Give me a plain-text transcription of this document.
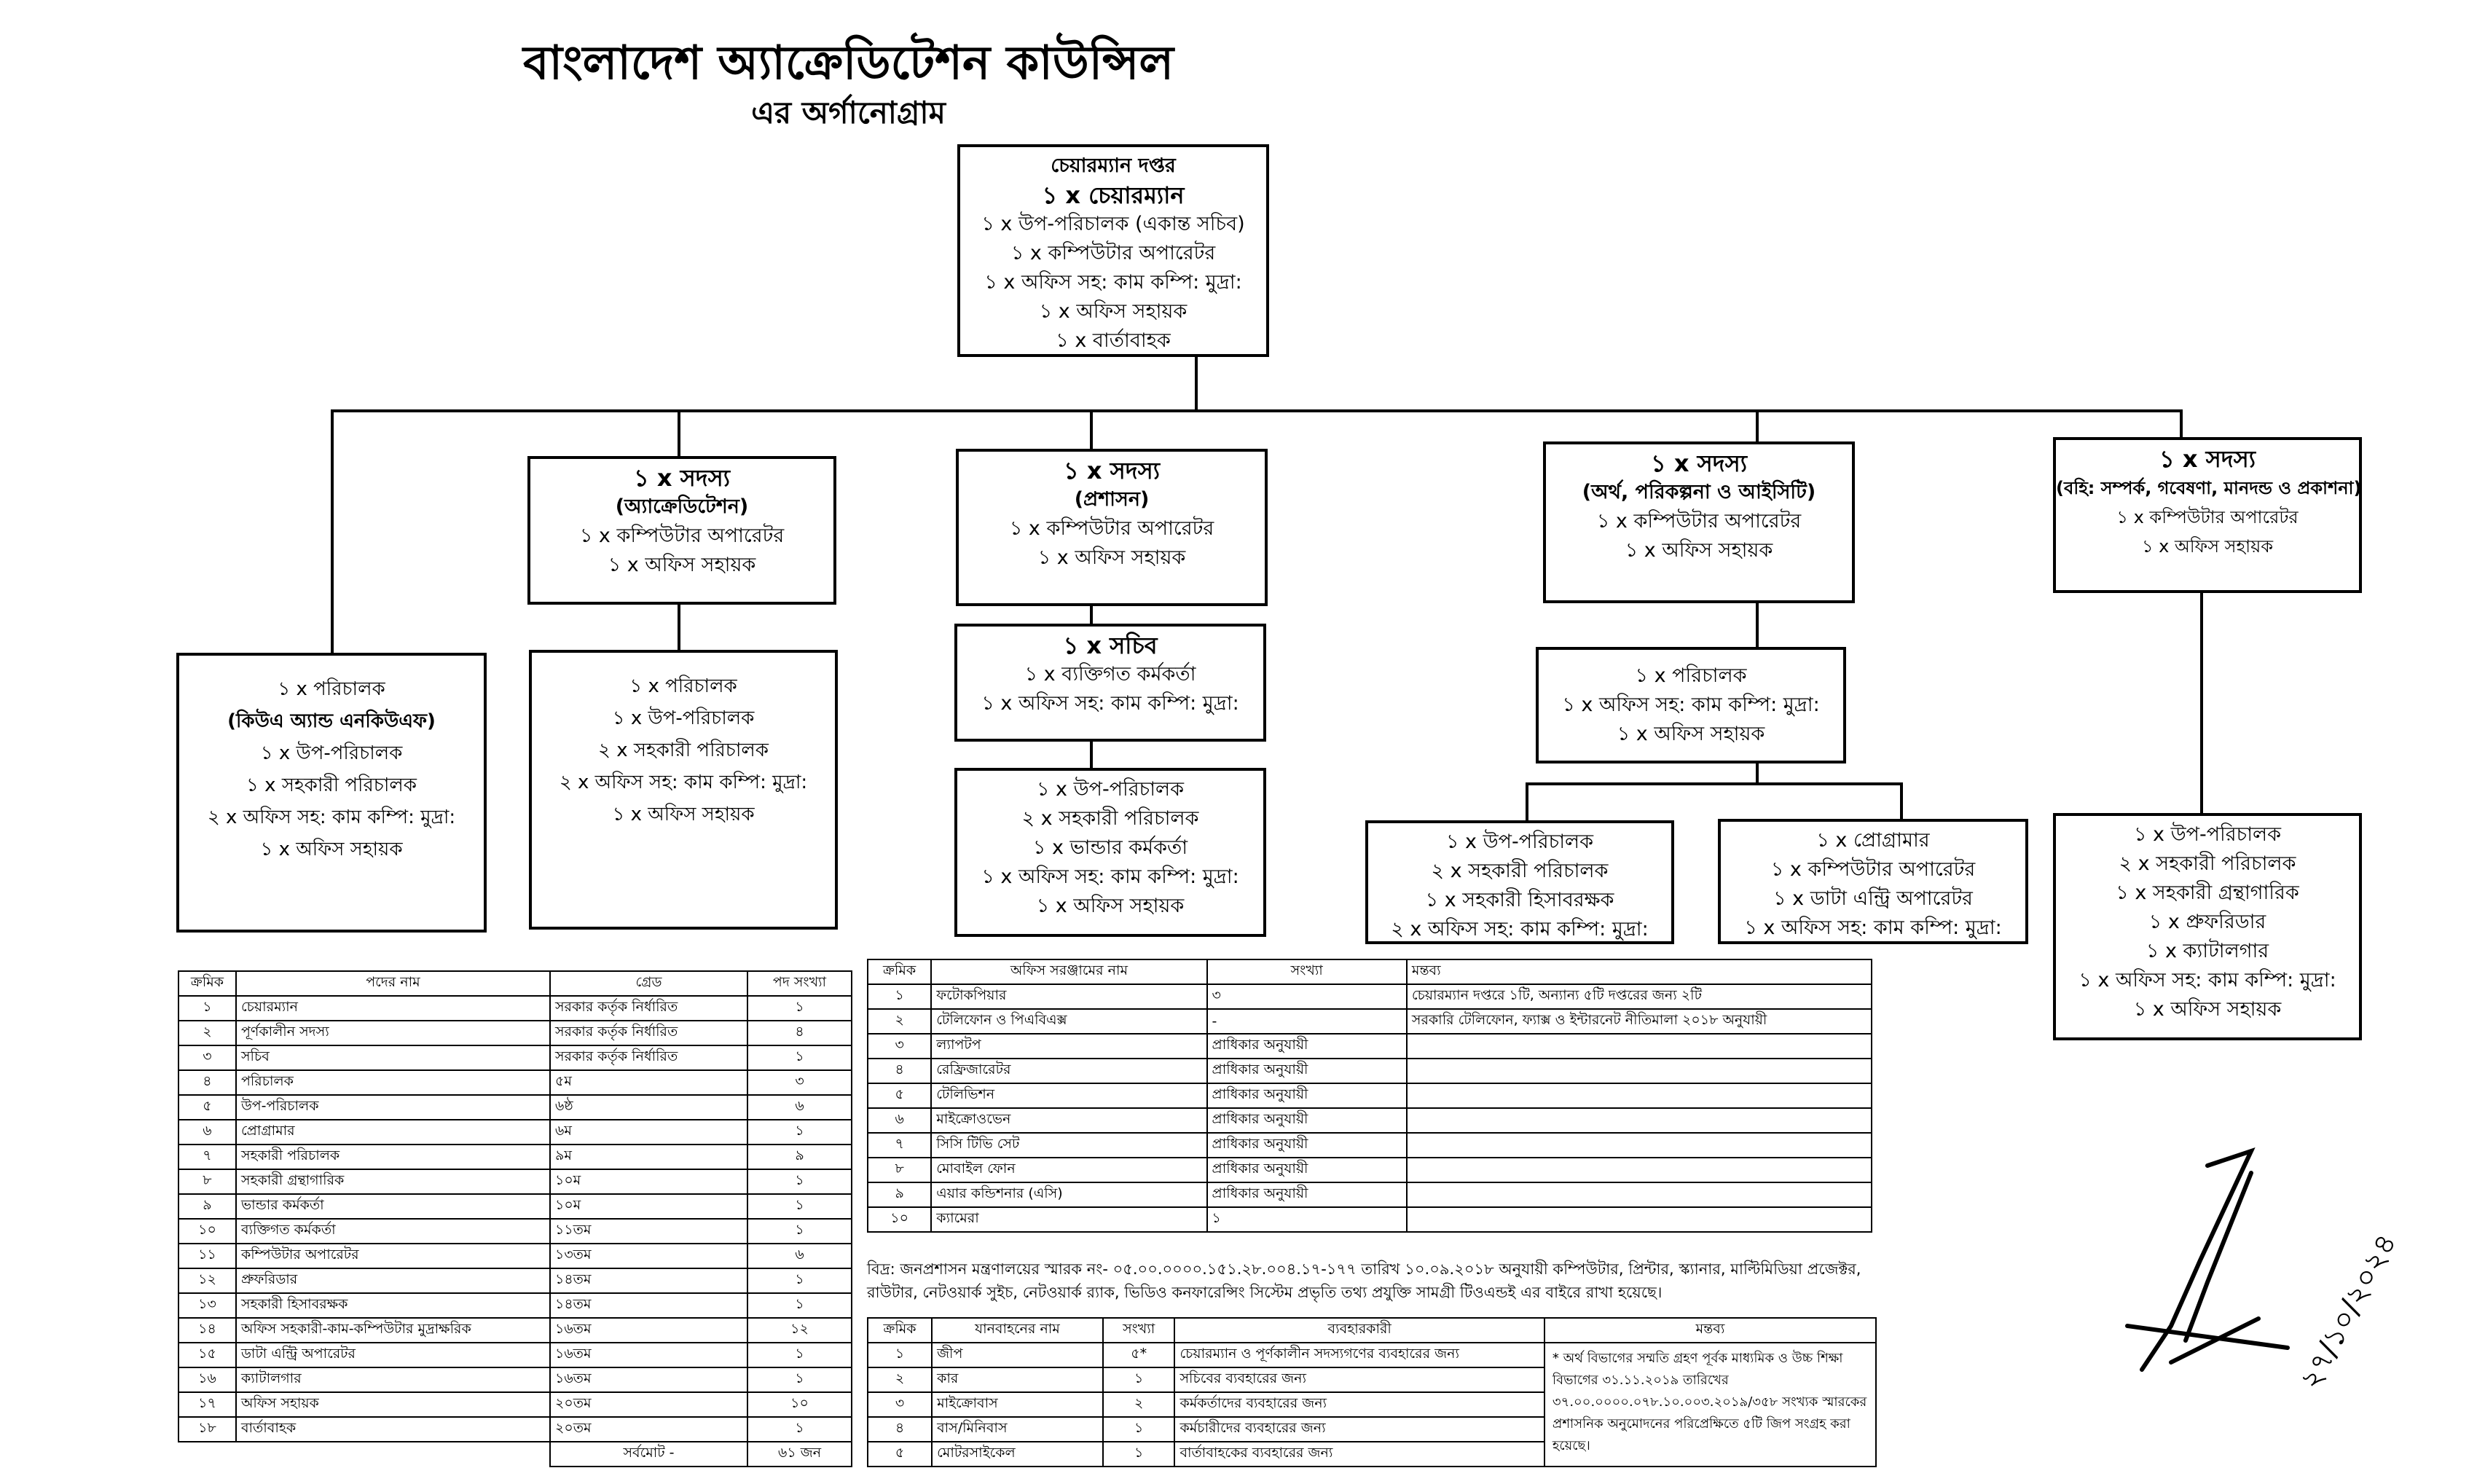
বাংলাদেশ অ্যাক্রেডিটেশন কাউন্সিল
এর অর্গানোগ্রাম
চেয়ারম্যান দপ্তর
১ x চেয়ারম্যান
১ x উপ-পরিচালক (একান্ত সচিব)
১ x কম্পিউটার অপারেটর
১ x অফিস সহ: কাম কম্পি: মুদ্রা:
১ x অফিস সহায়ক
১ x বার্তাবাহক
১ x সদস্য
(অ্যাক্রেডিটেশন)
১ x কম্পিউটার অপারেটর
১ x অফিস সহায়ক
১ x সদস্য
(প্রশাসন)
১ x কম্পিউটার অপারেটর
১ x অফিস সহায়ক
১ x সদস্য
(অর্থ, পরিকল্পনা ও আইসিটি)
১ x কম্পিউটার অপারেটর
১ x অফিস সহায়ক
১ x সদস্য
(বহি: সম্পর্ক, গবেষণা, মানদন্ড ও প্রকাশনা)
১ x কম্পিউটার অপারেটর
১ x অফিস সহায়ক
১ x পরিচালক
(কিউএ অ্যান্ড এনকিউএফ)
১ x উপ-পরিচালক
১ x সহকারী পরিচালক
২ x অফিস সহ: কাম কম্পি: মুদ্রা:
১ x অফিস সহায়ক
১ x পরিচালক
১ x উপ-পরিচালক
২ x সহকারী পরিচালক
২ x অফিস সহ: কাম কম্পি: মুদ্রা:
১ x অফিস সহায়ক
১ x সচিব
১ x ব্যক্তিগত কর্মকর্তা
১ x অফিস সহ: কাম কম্পি: মুদ্রা:
১ x উপ-পরিচালক
২ x সহকারী পরিচালক
১ x ভান্ডার কর্মকর্তা
১ x অফিস সহ: কাম কম্পি: মুদ্রা:
১ x অফিস সহায়ক
১ x পরিচালক
১ x অফিস সহ: কাম কম্পি: মুদ্রা:
১ x অফিস সহায়ক
১ x উপ-পরিচালক
২ x সহকারী পরিচালক
১ x সহকারী হিসাবরক্ষক
২ x অফিস সহ: কাম কম্পি: মুদ্রা:
১ x প্রোগ্রামার
১ x কম্পিউটার অপারেটর
১ x ডাটা এন্ট্রি অপারেটর
১ x অফিস সহ: কাম কম্পি: মুদ্রা:
১ x উপ-পরিচালক
২ x সহকারী পরিচালক
১ x সহকারী গ্রন্থাগারিক
১ x প্রুফরিডার
১ x ক্যাটালগার
১ x অফিস সহ: কাম কম্পি: মুদ্রা:
১ x অফিস সহায়ক
ক্রমিক	পদের নাম	গ্রেড	পদ সংখ্যা
১	চেয়ারম্যান	সরকার কর্তৃক নির্ধারিত	১
২	পূর্ণকালীন সদস্য	সরকার কর্তৃক নির্ধারিত	৪
৩	সচিব	সরকার কর্তৃক নির্ধারিত	১
৪	পরিচালক	৫ম	৩
৫	উপ-পরিচালক	৬ষ্ঠ	৬
৬	প্রোগ্রামার	৬ম	১
৭	সহকারী পরিচালক	৯ম	৯
৮	সহকারী গ্রন্থাগারিক	১০ম	১
৯	ভান্ডার কর্মকর্তা	১০ম	১
১০	ব্যক্তিগত কর্মকর্তা	১১তম	১
১১	কম্পিউটার অপারেটর	১৩তম	৬
১২	প্রুফরিডার	১৪তম	১
১৩	সহকারী হিসাবরক্ষক	১৪তম	১
১৪	অফিস সহকারী-কাম-কম্পিউটার মুদ্রাক্ষরিক	১৬তম	১২
১৫	ডাটা এন্ট্রি অপারেটর	১৬তম	১
১৬	ক্যাটালগার	১৬তম	১
১৭	অফিস সহায়ক	২০তম	১০
১৮	বার্তাবাহক	২০তম	১
		সর্বমোট -	৬১ জন
ক্রমিক	অফিস সরঞ্জামের নাম	সংখ্যা	মন্তব্য
১	ফটোকপিয়ার	৩	চেয়ারম্যান দপ্তরে ১টি, অন্যান্য ৫টি দপ্তরের জন্য ২টি
২	টেলিফোন ও পিএবিএক্স	-	সরকারি টেলিফোন, ফ্যাক্স ও ইন্টারনেট নীতিমালা ২০১৮ অনুযায়ী
৩	ল্যাপটপ	প্রাধিকার অনুযায়ী	
৪	রেফ্রিজারেটর	প্রাধিকার অনুযায়ী	
৫	টেলিভিশন	প্রাধিকার অনুযায়ী	
৬	মাইক্রোওভেন	প্রাধিকার অনুযায়ী	
৭	সিসি টিভি সেট	প্রাধিকার অনুযায়ী	
৮	মোবাইল ফোন	প্রাধিকার অনুযায়ী	
৯	এয়ার কন্ডিশনার (এসি)	প্রাধিকার অনুযায়ী	
১০	ক্যামেরা	১	
বিদ্র: জনপ্রশাসন মন্ত্রণালয়ের স্মারক নং- ০৫.০০.০০০০.১৫১.২৮.০০৪.১৭-১৭৭ তারিখ ১০.০৯.২০১৮ অনুযায়ী কম্পিউটার, প্রিন্টার, স্ক্যানার, মাল্টিমিডিয়া প্রজেক্টর, রাউটার, নেটওয়ার্ক সুইচ, নেটওয়ার্ক র‍্যাক, ভিডিও কনফারেন্সিং সিস্টেম প্রভৃতি তথ্য প্রযুক্তি সামগ্রী টিওএন্ডই এর বাইরে রাখা হয়েছে।
ক্রমিক	যানবাহনের নাম	সংখ্যা	ব্যবহারকারী	মন্তব্য
১	জীপ	৫*	চেয়ারম্যান ও পূর্ণকালীন সদস্যগণের ব্যবহারের জন্য	* অর্থ বিভাগের সম্মতি গ্রহণ পূর্বক মাধ্যমিক ও উচ্চ শিক্ষা বিভাগের ৩১.১১.২০১৯ তারিখের ৩৭.০০.০০০০.০৭৮.১০.০০৩.২০১৯/৩৫৮ সংখ্যক স্মারকের প্রশাসনিক অনুমোদনের পরিপ্রেক্ষিতে ৫টি জিপ সংগ্রহ করা হয়েছে।
২	কার	১	সচিবের ব্যবহারের জন্য	
৩	মাইক্রোবাস	২	কর্মকর্তাদের ব্যবহারের জন্য	
৪	বাস/মিনিবাস	১	কর্মচারীদের ব্যবহারের জন্য	
৫	মোটরসাইকেল	১	বার্তাবাহকের ব্যবহারের জন্য	
২৭/১০/২০২৪
